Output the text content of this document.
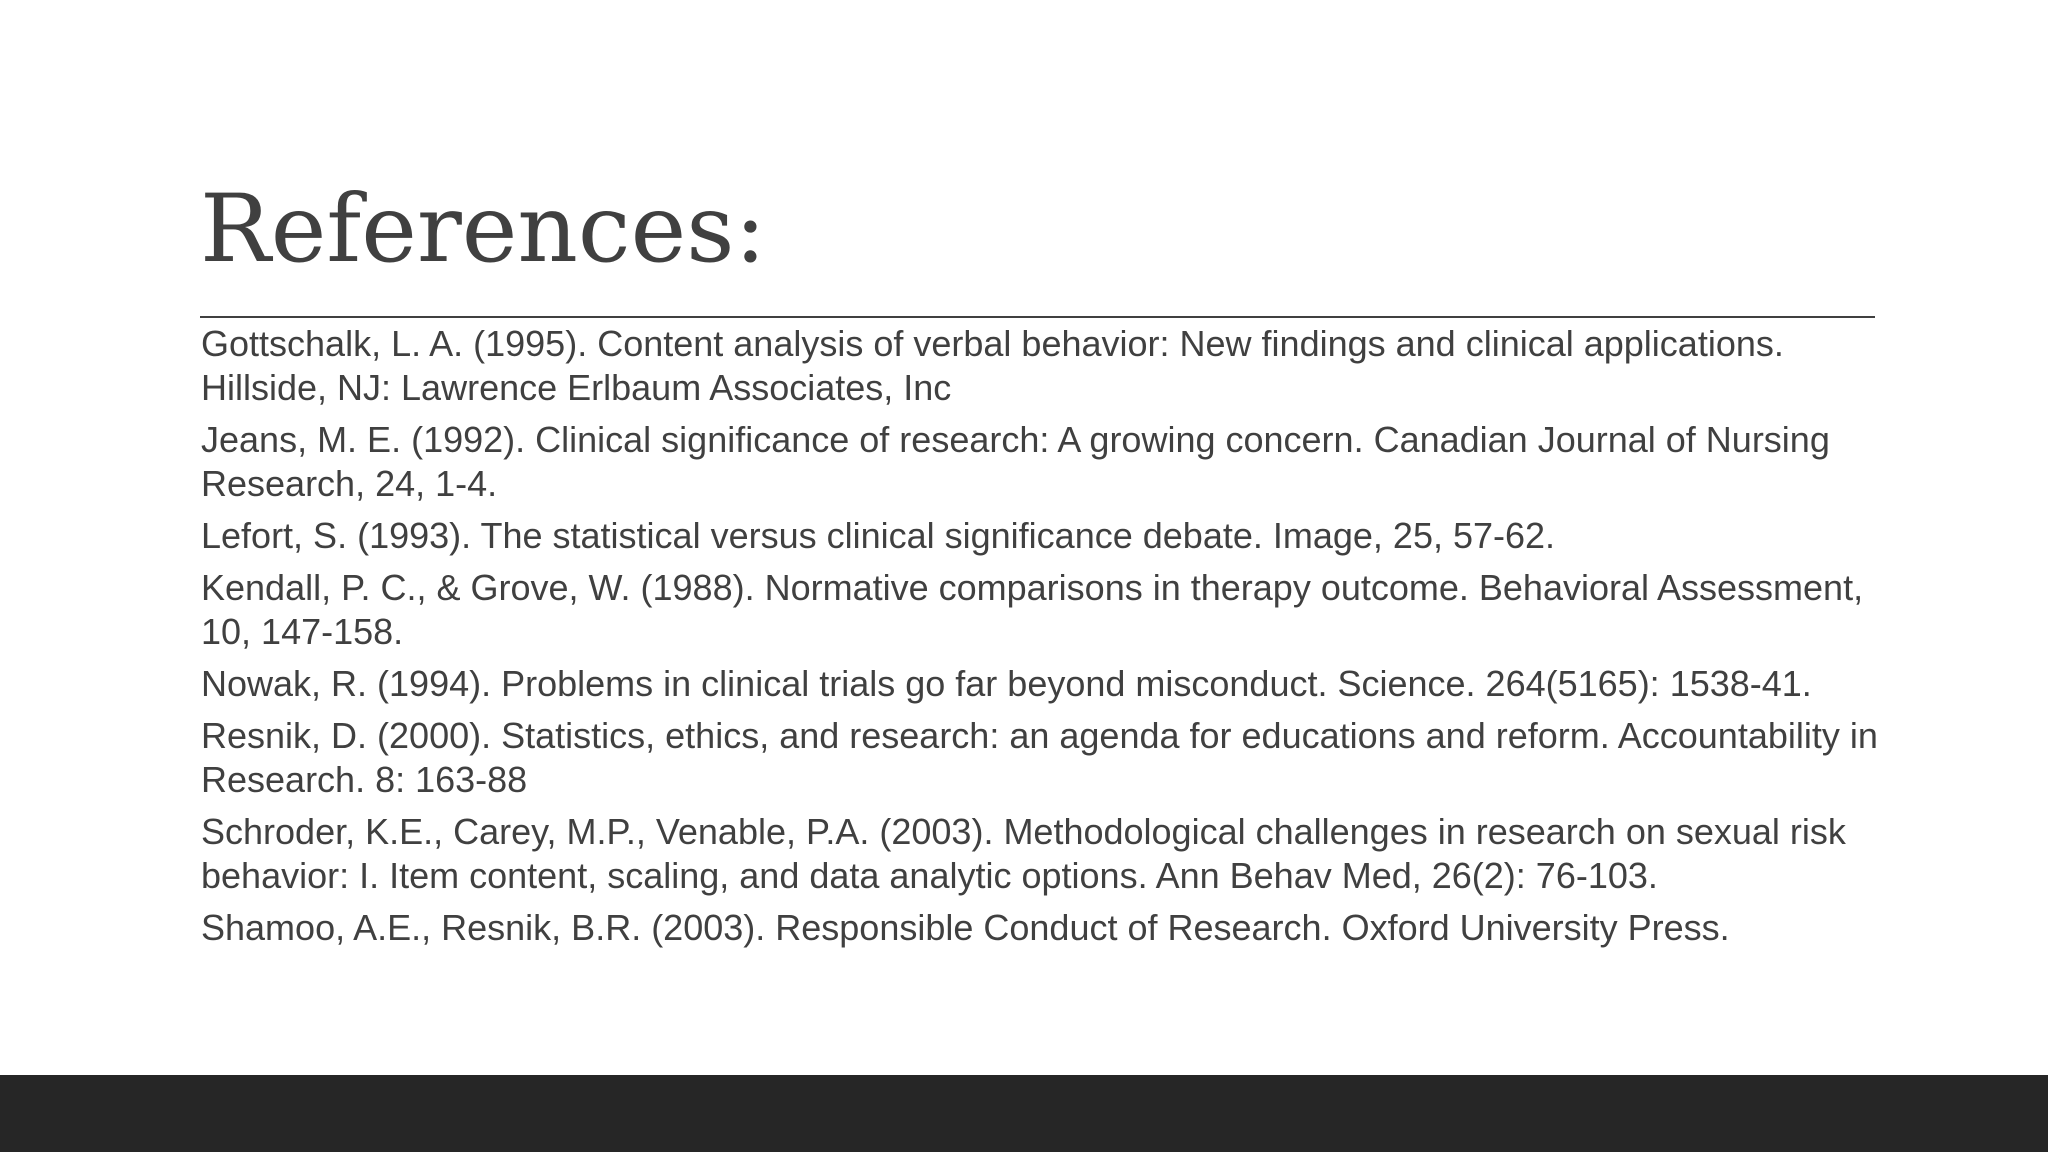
References:
Gottschalk, L. A. (1995). Content analysis of verbal behavior: New findings and clinical applications. Hillside, NJ: Lawrence Erlbaum Associates, Inc
Jeans, M. E. (1992). Clinical significance of research: A growing concern. Canadian Journal of Nursing Research, 24, 1-4.
Lefort, S. (1993). The statistical versus clinical significance debate. Image, 25, 57-62.
Kendall, P. C., & Grove, W. (1988). Normative comparisons in therapy outcome. Behavioral Assessment, 10, 147-158.
Nowak, R. (1994). Problems in clinical trials go far beyond misconduct. Science. 264(5165): 1538-41.
Resnik, D. (2000). Statistics, ethics, and research: an agenda for educations and reform. Accountability in Research. 8: 163-88
Schroder, K.E., Carey, M.P., Venable, P.A. (2003). Methodological challenges in research on sexual risk behavior: I. Item content, scaling, and data analytic options. Ann Behav Med, 26(2): 76-103.
Shamoo, A.E., Resnik, B.R. (2003). Responsible Conduct of Research. Oxford University Press.
